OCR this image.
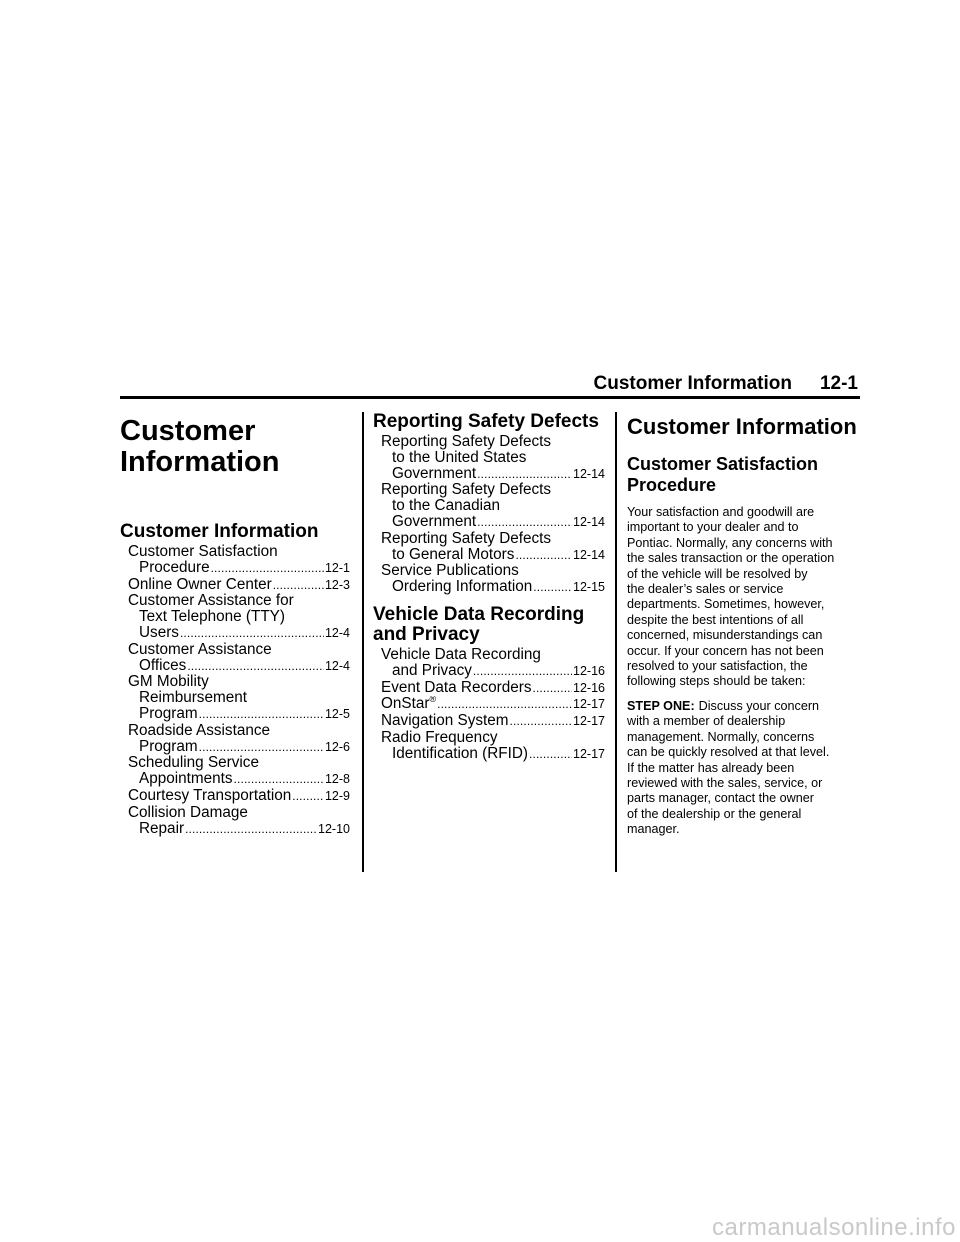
Customer Information 12-1
Customer
Information
Customer Information
Customer Satisfaction
Procedure . . .	12-1
Online Owner Center . . .	12-3
Customer Assistance for
Text Telephone (TTY)
Users . . .	12-4
Customer Assistance
Offices . . .	12-4
GM Mobility
Reimbursement
Program . . .	12-5
Roadside Assistance
Program . . .	12-6
Scheduling Service
Appointments . . .	12-8
Courtesy Transportation . . .	12-9
Collision Damage
Repair . . .	12-10
Reporting Safety Defects
Reporting Safety Defects
to the United States
Government . . .	12-14
Reporting Safety Defects
to the Canadian
Government . . .	12-14
Reporting Safety Defects
to General Motors . . .	12-14
Service Publications
Ordering Information . . .	12-15
Vehicle Data Recording
and Privacy
Vehicle Data Recording
and Privacy . . .	12-16
Event Data Recorders . . .	12-16
OnStar® . . .	12-17
Navigation System . . .	12-17
Radio Frequency
Identification (RFID) . . .	12-17
Customer Information
Customer Satisfaction
Procedure

Your satisfaction and goodwill are
important to your dealer and to
Pontiac. Normally, any concerns with
the sales transaction or the operation
of the vehicle will be resolved by
the dealer’s sales or service
departments. Sometimes, however,
despite the best intentions of all
concerned, misunderstandings can
occur. If your concern has not been
resolved to your satisfaction, the
following steps should be taken:

STEP ONE: Discuss your concern
with a member of dealership
management. Normally, concerns
can be quickly resolved at that level.
If the matter has already been
reviewed with the sales, service, or
parts manager, contact the owner
of the dealership or the general
manager.

carmanualsonline.info
